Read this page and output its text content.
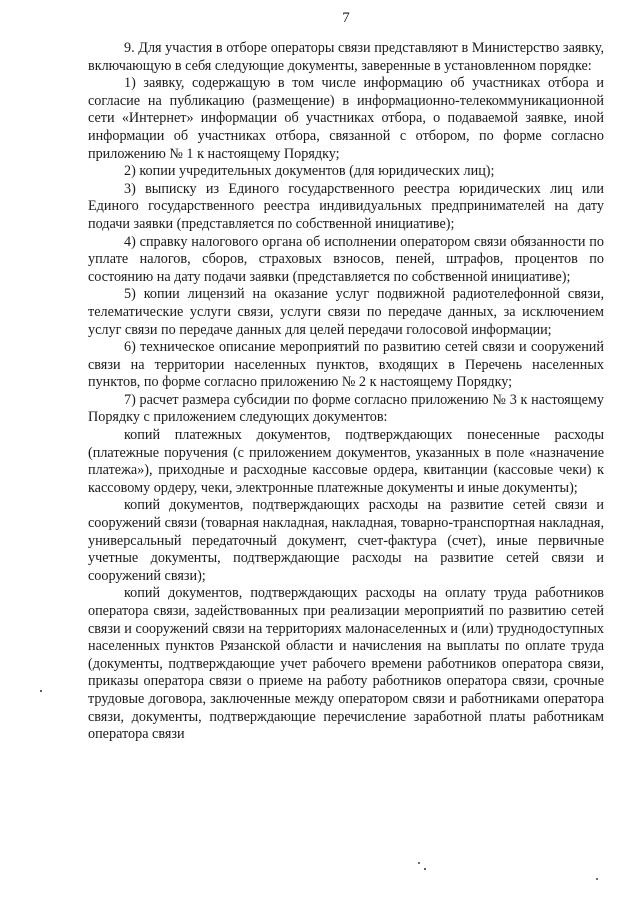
7

9. Для участия в отборе операторы связи представляют в Министерство заявку, включающую в себя следующие документы, заверенные в установленном порядке:

1) заявку, содержащую в том числе информацию об участниках отбора и согласие на публикацию (размещение) в информационно-телекоммуникационной сети «Интернет» информации об участниках отбора, о подаваемой заявке, иной информации об участниках отбора, связанной с отбором, по форме согласно приложению № 1 к настоящему Порядку;

2) копии учредительных документов (для юридических лиц);

3) выписку из Единого государственного реестра юридических лиц или Единого государственного реестра индивидуальных предпринимателей на дату подачи заявки (представляется по собственной инициативе);

4) справку налогового органа об исполнении оператором связи обязанности по уплате налогов, сборов, страховых взносов, пеней, штрафов, процентов по состоянию на дату подачи заявки (представляется по собственной инициативе);

5) копии лицензий на оказание услуг подвижной радиотелефонной связи, телематические услуги связи, услуги связи по передаче данных, за исключением услуг связи по передаче данных для целей передачи голосовой информации;

6) техническое описание мероприятий по развитию сетей связи и сооружений связи на территории населенных пунктов, входящих в Перечень населенных пунктов, по форме согласно приложению № 2 к настоящему Порядку;

7) расчет размера субсидии по форме согласно приложению № 3 к настоящему Порядку с приложением следующих документов:

копий платежных документов, подтверждающих понесенные расходы (платежные поручения (с приложением документов, указанных в поле «назначение платежа»), приходные и расходные кассовые ордера, квитанции (кассовые чеки) к кассовому ордеру, чеки, электронные платежные документы и иные документы);

копий документов, подтверждающих расходы на развитие сетей связи и сооружений связи (товарная накладная, накладная, товарно-транспортная накладная, универсальный передаточный документ, счет-фактура (счет), иные первичные учетные документы, подтверждающие расходы на развитие сетей связи и сооружений связи);

копий документов, подтверждающих расходы на оплату труда работников оператора связи, задействованных при реализации мероприятий по развитию сетей связи и сооружений связи на территориях малонаселенных и (или) труднодоступных населенных пунктов Рязанской области и начисления на выплаты по оплате труда (документы, подтверждающие учет рабочего времени работников оператора связи, приказы оператора связи о приеме на работу работников оператора связи, срочные трудовые договора, заключенные между оператором связи и работниками оператора связи, документы, подтверждающие перечисление заработной платы работникам оператора связи
